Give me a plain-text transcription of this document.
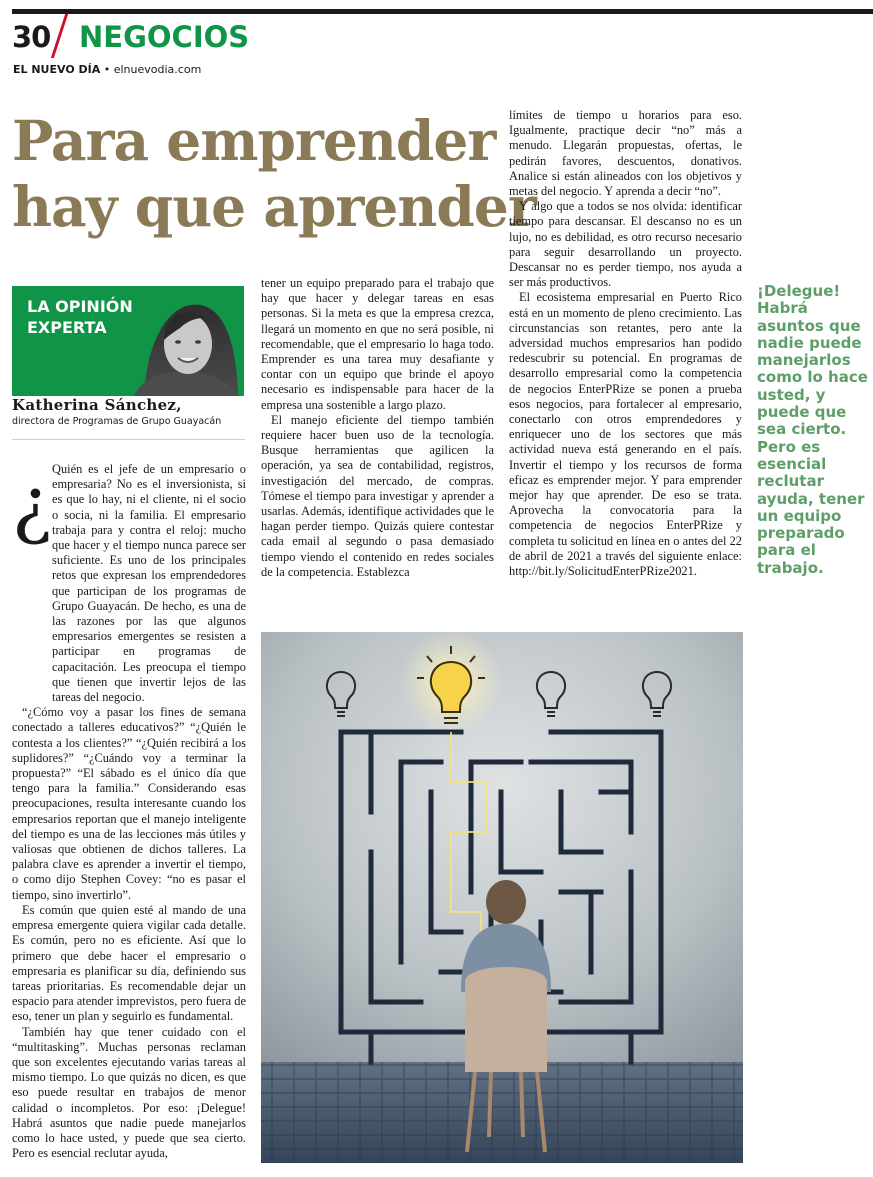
30 NEGOCIOS
EL NUEVO DÍA • elnuevodia.com
Para emprender
hay que aprender
LA OPINIÓN
EXPERTA
Katherina Sánchez,
directora de Programas de Grupo Guayacán
¿ Quién es el jefe de un empresario o empresaria? No es el inversionista, si es que lo hay, ni el cliente, ni el socio o socia, ni la familia. El empresario trabaja para y contra el reloj: mucho que hacer y el tiempo nunca parece ser suficiente. Es uno de los principales retos que expresan los emprendedores que participan de los programas de Grupo Guayacán. De hecho, es una de las razones por las que algunos empresarios emergentes se resisten a participar en programas de capacitación. Les preocupa el tiempo que tienen que invertir lejos de las tareas del negocio.

“¿Cómo voy a pasar los fines de semana conectado a talleres educativos?” “¿Quién le contesta a los clientes?” “¿Quién recibirá a los suplidores?” “¿Cuándo voy a terminar la propuesta?” “El sábado es el único día que tengo para la familia.” Considerando esas preocupaciones, resulta interesante cuando los empresarios reportan que el manejo inteligente del tiempo es una de las lecciones más útiles y valiosas que obtienen de dichos talleres. La palabra clave es aprender a invertir el tiempo, o como dijo Stephen Covey: “no es pasar el tiempo, sino invertirlo”.

Es común que quien esté al mando de una empresa emergente quiera vigilar cada detalle. Es común, pero no es eficiente. Así que lo primero que debe hacer el empresario o empresaria es planificar su día, definiendo sus tareas prioritarias. Es recomendable dejar un espacio para atender imprevistos, pero fuera de eso, tener un plan y seguirlo es fundamental.

También hay que tener cuidado con el “multitasking”. Muchas personas reclaman que son excelentes ejecutando varias tareas al mismo tiempo. Lo que quizás no dicen, es que eso puede resultar en trabajos de menor calidad o incompletos. Por eso: ¡Delegue! Habrá asuntos que nadie puede manejarlos como lo hace usted, y puede que sea cierto. Pero es esencial reclutar ayuda,

tener un equipo preparado para el trabajo que hay que hacer y delegar tareas en esas personas. Si la meta es que la empresa crezca, llegará un momento en que no será posible, ni recomendable, que el empresario lo haga todo. Emprender es una tarea muy desafiante y contar con un equipo que brinde el apoyo necesario es indispensable para hacer de la empresa una sostenible a largo plazo.

El manejo eficiente del tiempo también requiere hacer buen uso de la tecnología. Busque herramientas que agilicen la operación, ya sea de contabilidad, registros, investigación del mercado, de compras. Tómese el tiempo para investigar y aprender a usarlas. Además, identifique actividades que le hagan perder tiempo. Quizás quiere contestar cada email al segundo o pasa demasiado tiempo viendo el contenido en redes sociales de la competencia. Establezca

límites de tiempo u horarios para eso. Igualmente, practique decir “no” más a menudo. Llegarán propuestas, ofertas, le pedirán favores, descuentos, donativos. Analice si están alineados con los objetivos y metas del negocio. Y aprenda a decir “no”.

Y algo que a todos se nos olvida: identificar tiempo para descansar. El descanso no es un lujo, no es debilidad, es otro recurso necesario para seguir desarrollando un proyecto. Descansar no es perder tiempo, nos ayuda a ser más productivos.

El ecosistema empresarial en Puerto Rico está en un momento de pleno crecimiento. Las circunstancias son retantes, pero ante la adversidad muchos empresarios han podido redescubrir su potencial. En programas de desarrollo empresarial como la competencia de negocios EnterPRize se ponen a prueba esos negocios, para fortalecer al empresario, conectarlo con otros emprendedores y enriquecer uno de los sectores que más actividad nueva está generando en el país. Invertir el tiempo y los recursos de forma eficaz es emprender mejor. Y para emprender mejor hay que aprender. De eso se trata. Aprovecha la convocatoria para la competencia de negocios EnterPRize y completa tu solicitud en línea en o antes del 22 de abril de 2021 a través del siguiente enlace: http://bit.ly/SolicitudEnterPRize2021.

¡Delegue! Habrá asuntos que nadie puede manejarlos como lo hace usted, y puede que sea cierto. Pero es esencial reclutar ayuda, tener un equipo preparado para el trabajo.
